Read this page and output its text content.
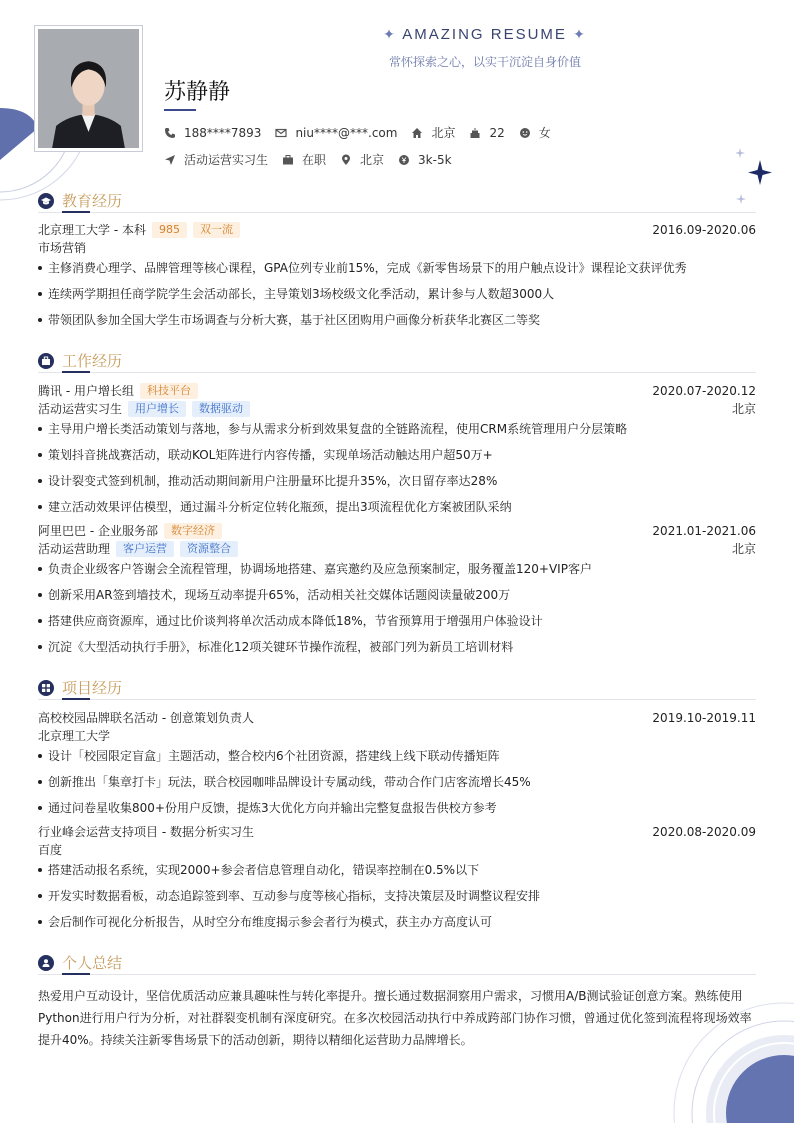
✦ AMAZING RESUME ✦
常怀探索之心，以实干沉淀自身价值
苏静静
188****7893	niu****@***.com	北京	22	女
活动运营实习生	在职	北京	3k-5k
教育经历
北京理工大学 - 本科	985	双一流	2016.09-2020.06
市场营销
主修消费心理学、品牌管理等核心课程，GPA位列专业前15%，完成《新零售场景下的用户触点设计》课程论文获评优秀
连续两学期担任商学院学生会活动部长，主导策划3场校级文化季活动，累计参与人数超3000人
带领团队参加全国大学生市场调查与分析大赛，基于社区团购用户画像分析获华北赛区二等奖
工作经历
腾讯 - 用户增长组	科技平台	2020.07-2020.12
活动运营实习生	用户增长	数据驱动	北京
主导用户增长类活动策划与落地，参与从需求分析到效果复盘的全链路流程，使用CRM系统管理用户分层策略
策划抖音挑战赛活动，联动KOL矩阵进行内容传播，实现单场活动触达用户超50万+
设计裂变式签到机制，推动活动期间新用户注册量环比提升35%，次日留存率达28%
建立活动效果评估模型，通过漏斗分析定位转化瓶颈，提出3项流程优化方案被团队采纳
阿里巴巴 - 企业服务部	数字经济	2021.01-2021.06
活动运营助理	客户运营	资源整合	北京
负责企业级客户答谢会全流程管理，协调场地搭建、嘉宾邀约及应急预案制定，服务覆盖120+VIP客户
创新采用AR签到墙技术，现场互动率提升65%，活动相关社交媒体话题阅读量破200万
搭建供应商资源库，通过比价谈判将单次活动成本降低18%，节省预算用于增强用户体验设计
沉淀《大型活动执行手册》，标准化12项关键环节操作流程，被部门列为新员工培训材料
项目经历
高校校园品牌联名活动 - 创意策划负责人	2019.10-2019.11
北京理工大学
设计「校园限定盲盒」主题活动，整合校内6个社团资源，搭建线上线下联动传播矩阵
创新推出「集章打卡」玩法，联合校园咖啡品牌设计专属动线，带动合作门店客流增长45%
通过问卷星收集800+份用户反馈，提炼3大优化方向并输出完整复盘报告供校方参考
行业峰会运营支持项目 - 数据分析实习生	2020.08-2020.09
百度
搭建活动报名系统，实现2000+参会者信息管理自动化，错误率控制在0.5%以下
开发实时数据看板，动态追踪签到率、互动参与度等核心指标，支持决策层及时调整议程安排
会后制作可视化分析报告，从时空分布维度揭示参会者行为模式，获主办方高度认可
个人总结
热爱用户互动设计，坚信优质活动应兼具趣味性与转化率提升。擅长通过数据洞察用户需求，习惯用A/B测试验证创意方案。熟练使用Python进行用户行为分析，对社群裂变机制有深度研究。在多次校园活动执行中养成跨部门协作习惯，曾通过优化签到流程将现场效率提升40%。持续关注新零售场景下的活动创新，期待以精细化运营助力品牌增长。
